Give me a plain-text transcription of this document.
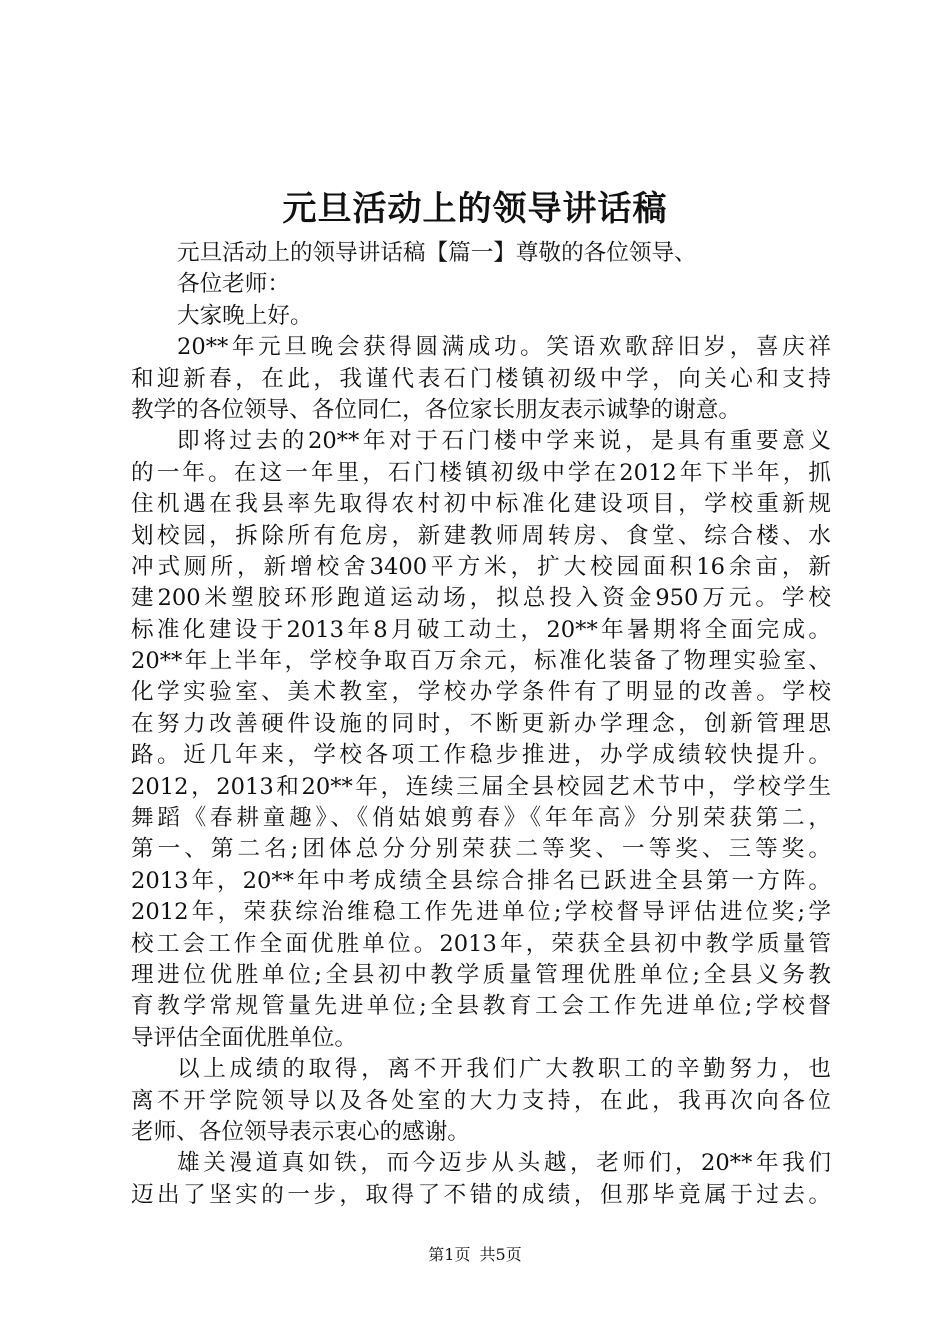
元旦活动上的领导讲话稿
元旦活动上的领导讲话稿【篇一】尊敬的各位领导、
各位老师：
大家晚上好。
20**年元旦晚会获得圆满成功。笑语欢歌辞旧岁，喜庆祥
和迎新春，在此，我谨代表石门楼镇初级中学，向关心和支持
教学的各位领导、各位同仁，各位家长朋友表示诚挚的谢意。
即将过去的20**年对于石门楼中学来说，是具有重要意义
的一年。在这一年里，石门楼镇初级中学在2012年下半年，抓
住机遇在我县率先取得农村初中标准化建设项目，学校重新规
划校园，拆除所有危房，新建教师周转房、食堂、综合楼、水
冲式厕所，新增校舍3400平方米，扩大校园面积16余亩，新
建200米塑胶环形跑道运动场，拟总投入资金950万元。学校
标准化建设于2013年8月破工动土，20**年暑期将全面完成。
20**年上半年，学校争取百万余元，标准化装备了物理实验室、
化学实验室、美术教室，学校办学条件有了明显的改善。学校
在努力改善硬件设施的同时，不断更新办学理念，创新管理思
路。近几年来，学校各项工作稳步推进，办学成绩较快提升。
2012，2013和20**年，连续三届全县校园艺术节中，学校学生
舞蹈《春耕童趣》、《俏姑娘剪春》《年年高》分别荣获第二，
第一、第二名;团体总分分别荣获二等奖、一等奖、三等奖。
2013年，20**年中考成绩全县综合排名已跃进全县第一方阵。
2012年，荣获综治维稳工作先进单位;学校督导评估进位奖;学
校工会工作全面优胜单位。2013年，荣获全县初中教学质量管
理进位优胜单位;全县初中教学质量管理优胜单位;全县义务教
育教学常规管量先进单位;全县教育工会工作先进单位;学校督
导评估全面优胜单位。
以上成绩的取得，离不开我们广大教职工的辛勤努力，也
离不开学院领导以及各处室的大力支持，在此，我再次向各位
老师、各位领导表示衷心的感谢。
雄关漫道真如铁，而今迈步从头越，老师们，20**年我们
迈出了坚实的一步，取得了不错的成绩，但那毕竟属于过去。
第1页 共5页
